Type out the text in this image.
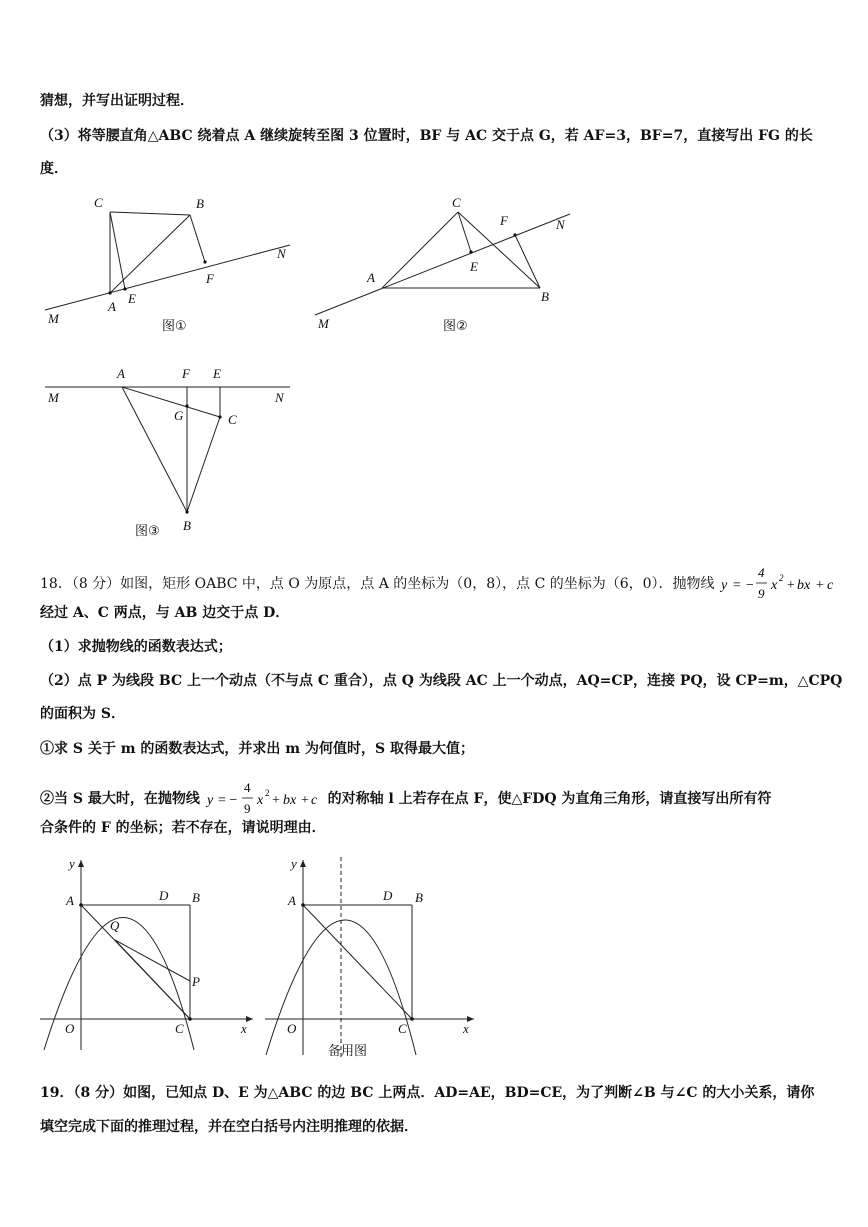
猜想，并写出证明过程．
（3）将等腰直角△ABC 绕着点 A 继续旋转至图 3 位置时，BF 与 AC 交于点 G，若 AF=3，BF=7，直接写出 FG 的长
度．
C	B
A
E
F
M
N
图①
C
F	N
E
A
B
M	图②
A	F E
M	N
G	C
B
图③
18．（8 分）如图，矩形 OABC 中，点 O 为原点，点 A 的坐标为（0，8），点 C 的坐标为（6，0）．抛物线 y = −
4
9
x 2 + bx + c
经过 A、C 两点，与 AB 边交于点 D．
（1）求抛物线的函数表达式；
（2）点 P 为线段 BC 上一个动点（不与点 C 重合），点 Q 为线段 AC 上一个动点，AQ=CP，连接 PQ，设 CP=m，△CPQ
的面积为 S．
①求 S 关于 m 的函数表达式，并求出 m 为何值时，S 取得最大值；
②当 S 最大时，在抛物线 y = −
4
9
x 2 + bx + c 的对称轴 l 上若存在点 F，使△FDQ 为直角三角形，请直接写出所有符
合条件的 F 的坐标；若不存在，请说明理由．
y
A	D B
Q
P
O	C	x
y
A	D B
O	C	x
备用图
19．（8 分）如图，已知点 D、E 为△ABC 的边 BC 上两点．AD=AE，BD=CE，为了判断∠B 与∠C 的大小关系，请你
填空完成下面的推理过程，并在空白括号内注明推理的依据．
